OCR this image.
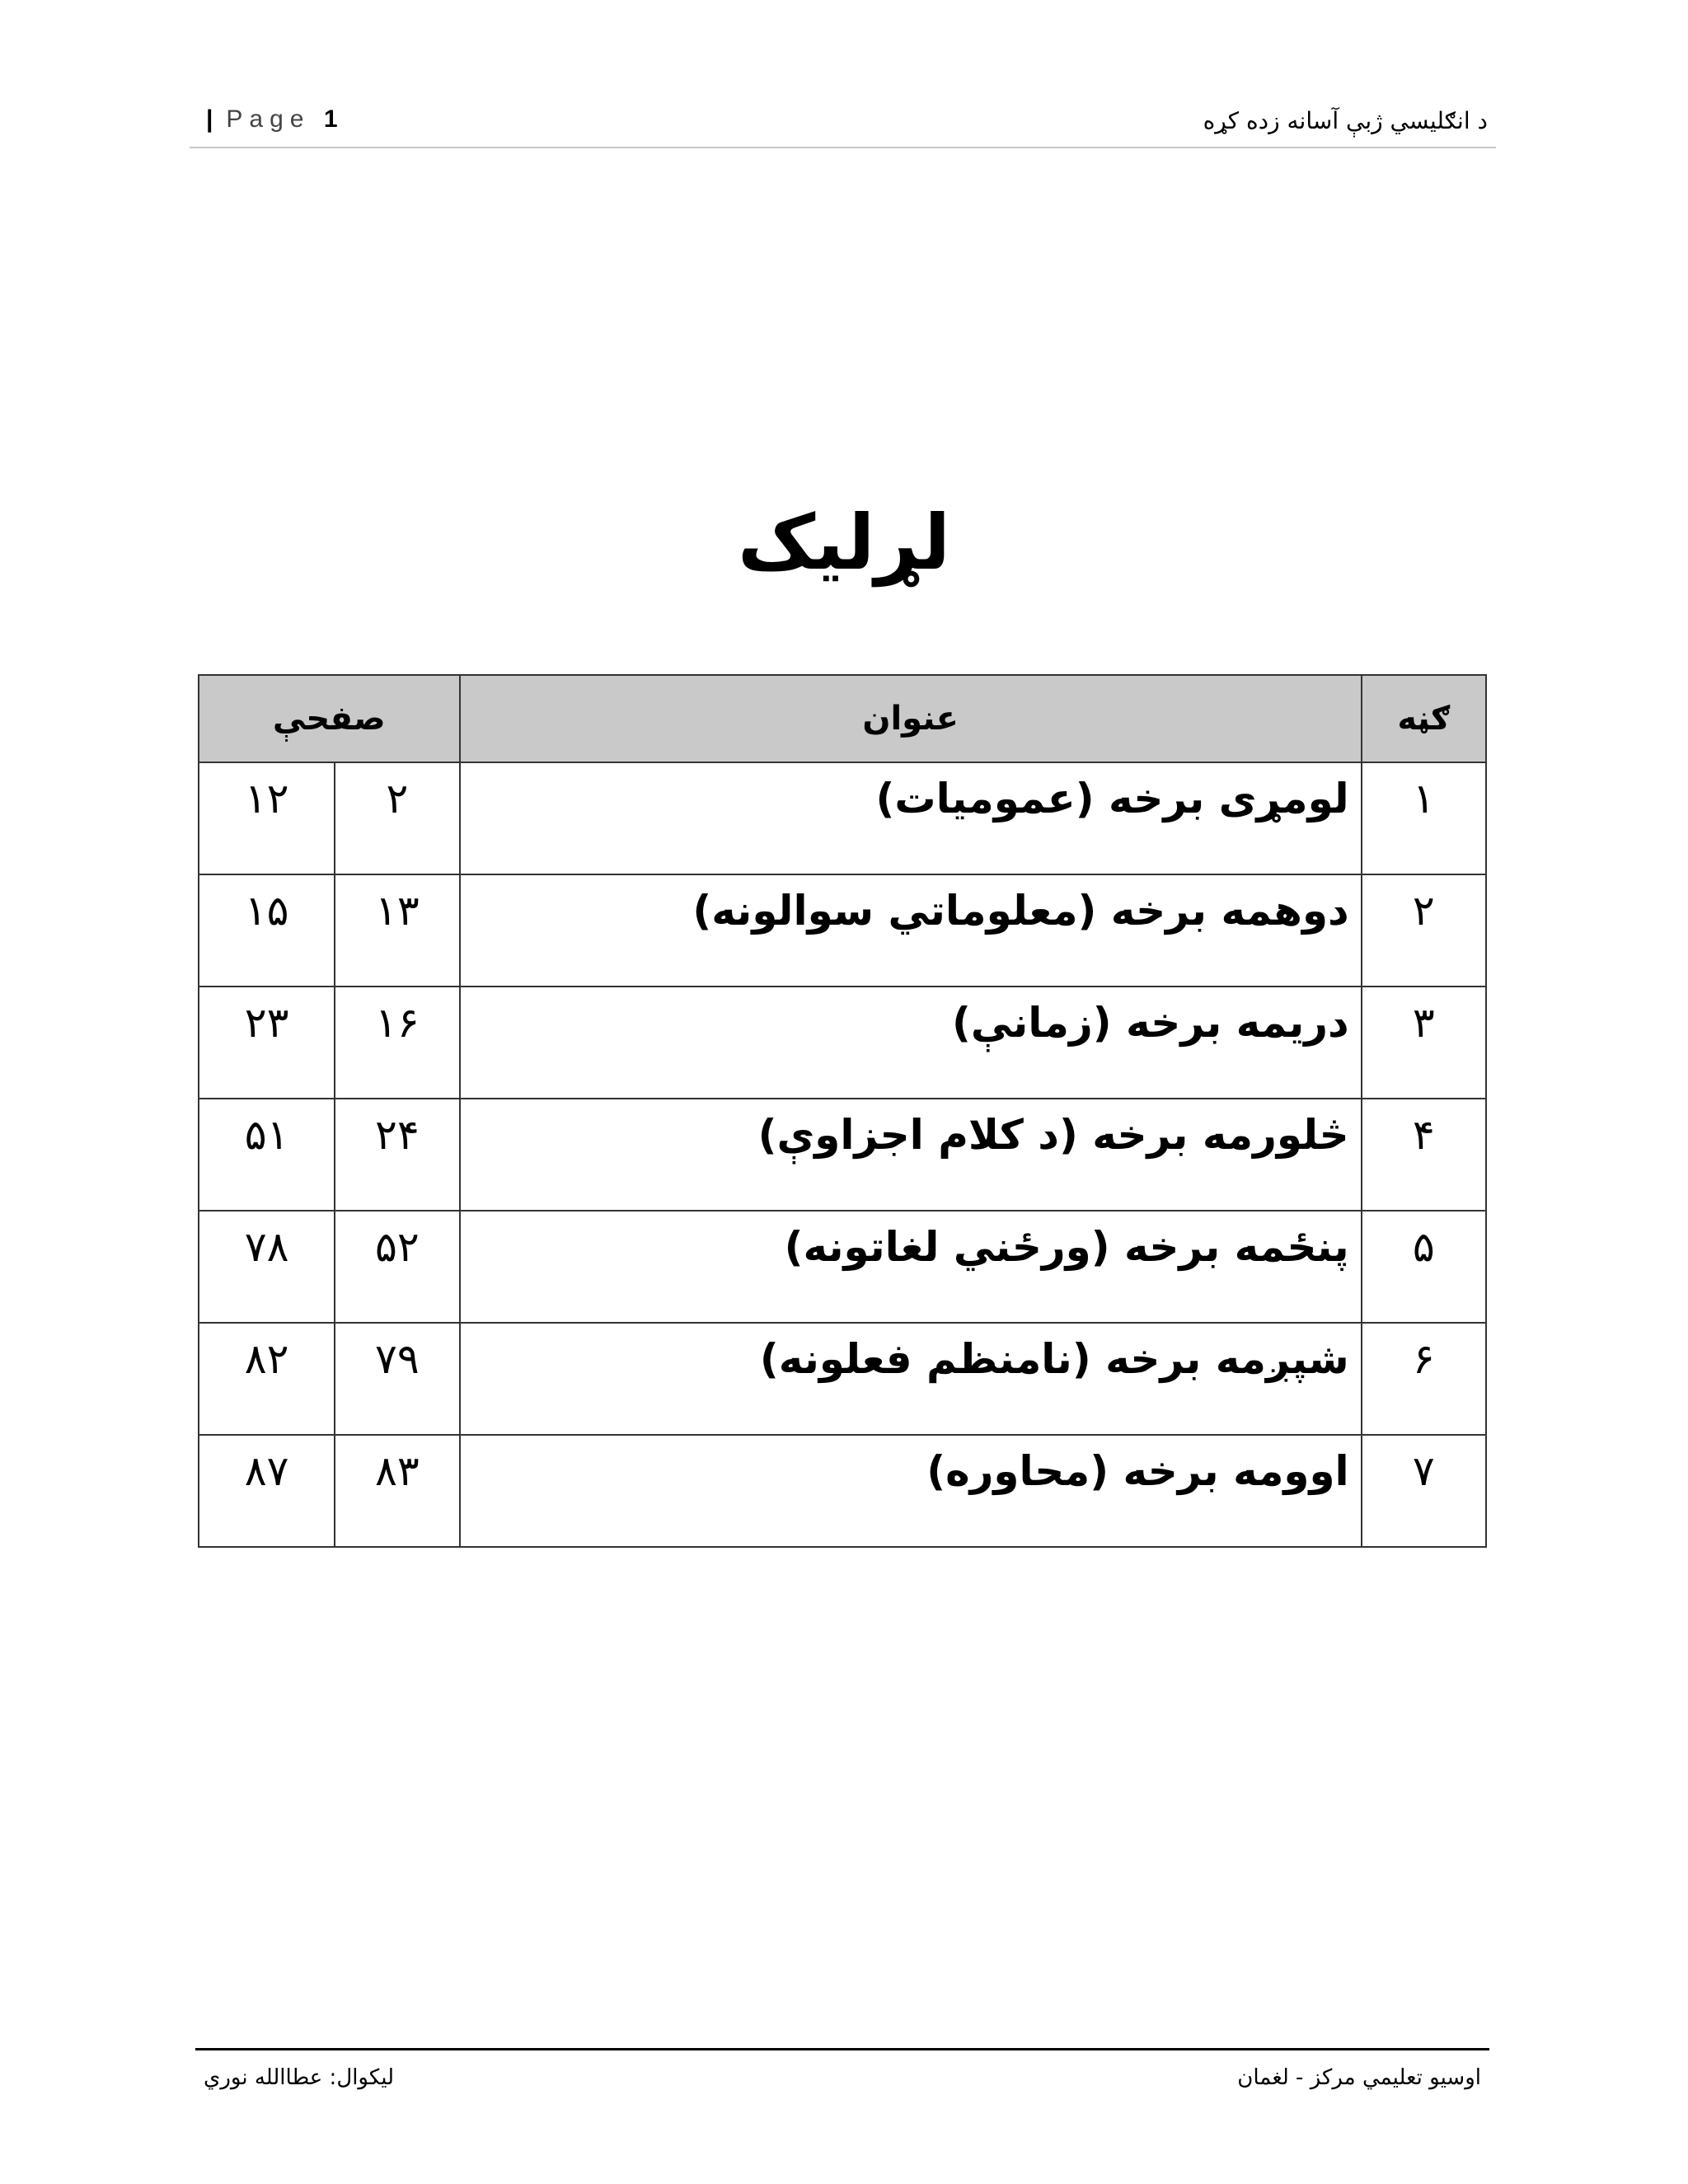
| Page 1	د انګلیسي ژبې آسانه زده کړه
لړلیک
ګڼه	عنوان	صفحې	
۱	لومړی برخه (عمومیات)	۲	۱۲
۲	دوهمه برخه (معلوماتي سوالونه)	۱۳	۱۵
۳	دریمه برخه (زمانې)	۱۶	۲۳
۴	څلورمه برخه (د کلام اجزاوې)	۲۴	۵۱
۵	پنځمه برخه (ورځني لغاتونه)	۵۲	۷۸
۶	شپږمه برخه (نامنظم فعلونه)	۷۹	۸۲
۷	اوومه برخه (محاوره)	۸۳	۸۷
اوسیو تعلیمي مرکز - لغمان
لیکوال: عطاالله نوري
